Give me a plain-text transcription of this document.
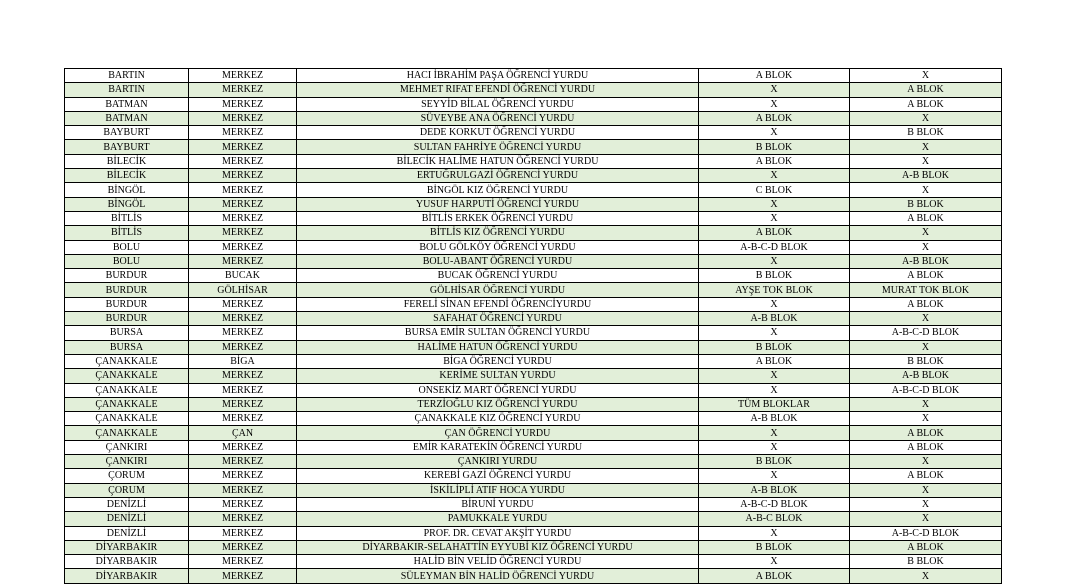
BARTIN	MERKEZ	HACI İBRAHİM PAŞA ÖĞRENCİ YURDU	A BLOK	X
BARTIN	MERKEZ	MEHMET RIFAT EFENDİ ÖĞRENCİ YURDU	X	A BLOK
BATMAN	MERKEZ	SEYYİD BİLAL ÖĞRENCİ YURDU	X	A BLOK
BATMAN	MERKEZ	SÜVEYBE ANA ÖĞRENCİ YURDU	A BLOK	X
BAYBURT	MERKEZ	DEDE KORKUT ÖĞRENCİ YURDU	X	B BLOK
BAYBURT	MERKEZ	SULTAN FAHRİYE ÖĞRENCİ YURDU	B BLOK	X
BİLECİK	MERKEZ	BİLECİK HALİME HATUN ÖĞRENCİ YURDU	A BLOK	X
BİLECİK	MERKEZ	ERTUĞRULGAZİ ÖĞRENCİ YURDU	X	A-B BLOK
BİNGÖL	MERKEZ	BİNGÖL KIZ ÖĞRENCİ YURDU	C BLOK	X
BİNGÖL	MERKEZ	YUSUF HARPUTİ ÖĞRENCİ YURDU	X	B BLOK
BİTLİS	MERKEZ	BİTLİS ERKEK ÖĞRENCİ YURDU	X	A BLOK
BİTLİS	MERKEZ	BİTLİS KIZ ÖĞRENCİ YURDU	A BLOK	X
BOLU	MERKEZ	BOLU GÖLKÖY ÖĞRENCİ YURDU	A-B-C-D BLOK	X
BOLU	MERKEZ	BOLU-ABANT ÖĞRENCİ YURDU	X	A-B BLOK
BURDUR	BUCAK	BUCAK ÖĞRENCİ YURDU	B BLOK	A BLOK
BURDUR	GÖLHİSAR	GÖLHİSAR ÖĞRENCİ YURDU	AYŞE TOK BLOK	MURAT TOK BLOK
BURDUR	MERKEZ	FERELİ SİNAN EFENDİ ÖĞRENCİYURDU	X	A BLOK
BURDUR	MERKEZ	SAFAHAT ÖĞRENCİ YURDU	A-B BLOK	X
BURSA	MERKEZ	BURSA EMİR SULTAN ÖĞRENCİ YURDU	X	A-B-C-D BLOK
BURSA	MERKEZ	HALİME HATUN ÖĞRENCİ YURDU	B BLOK	X
ÇANAKKALE	BİGA	BİGA ÖĞRENCİ YURDU	A BLOK	B BLOK
ÇANAKKALE	MERKEZ	KERİME SULTAN YURDU	X	A-B BLOK
ÇANAKKALE	MERKEZ	ONSEKİZ MART ÖĞRENCİ YURDU	X	A-B-C-D BLOK
ÇANAKKALE	MERKEZ	TERZİOĞLU KIZ ÖĞRENCİ YURDU	TÜM BLOKLAR	X
ÇANAKKALE	MERKEZ	ÇANAKKALE KIZ ÖĞRENCİ YURDU	A-B BLOK	X
ÇANAKKALE	ÇAN	ÇAN ÖĞRENCİ YURDU	X	A BLOK
ÇANKIRI	MERKEZ	EMİR KARATEKİN ÖĞRENCİ YURDU	X	A BLOK
ÇANKIRI	MERKEZ	ÇANKIRI YURDU	B BLOK	X
ÇORUM	MERKEZ	KEREBİ GAZİ ÖĞRENCİ YURDU	X	A BLOK
ÇORUM	MERKEZ	İSKİLİPLİ ATIF HOCA YURDU	A-B BLOK	X
DENİZLİ	MERKEZ	BİRUNİ YURDU	A-B-C-D BLOK	X
DENİZLİ	MERKEZ	PAMUKKALE YURDU	A-B-C BLOK	X
DENİZLİ	MERKEZ	PROF. DR. CEVAT AKŞİT YURDU	X	A-B-C-D BLOK
DİYARBAKIR	MERKEZ	DİYARBAKIR-SELAHATTİN EYYUBİ KIZ ÖĞRENCİ YURDU	B BLOK	A BLOK
DİYARBAKIR	MERKEZ	HALİD BİN VELİD ÖĞRENCİ YURDU	X	B BLOK
DİYARBAKIR	MERKEZ	SÜLEYMAN BİN HALİD ÖĞRENCİ YURDU	A BLOK	X
